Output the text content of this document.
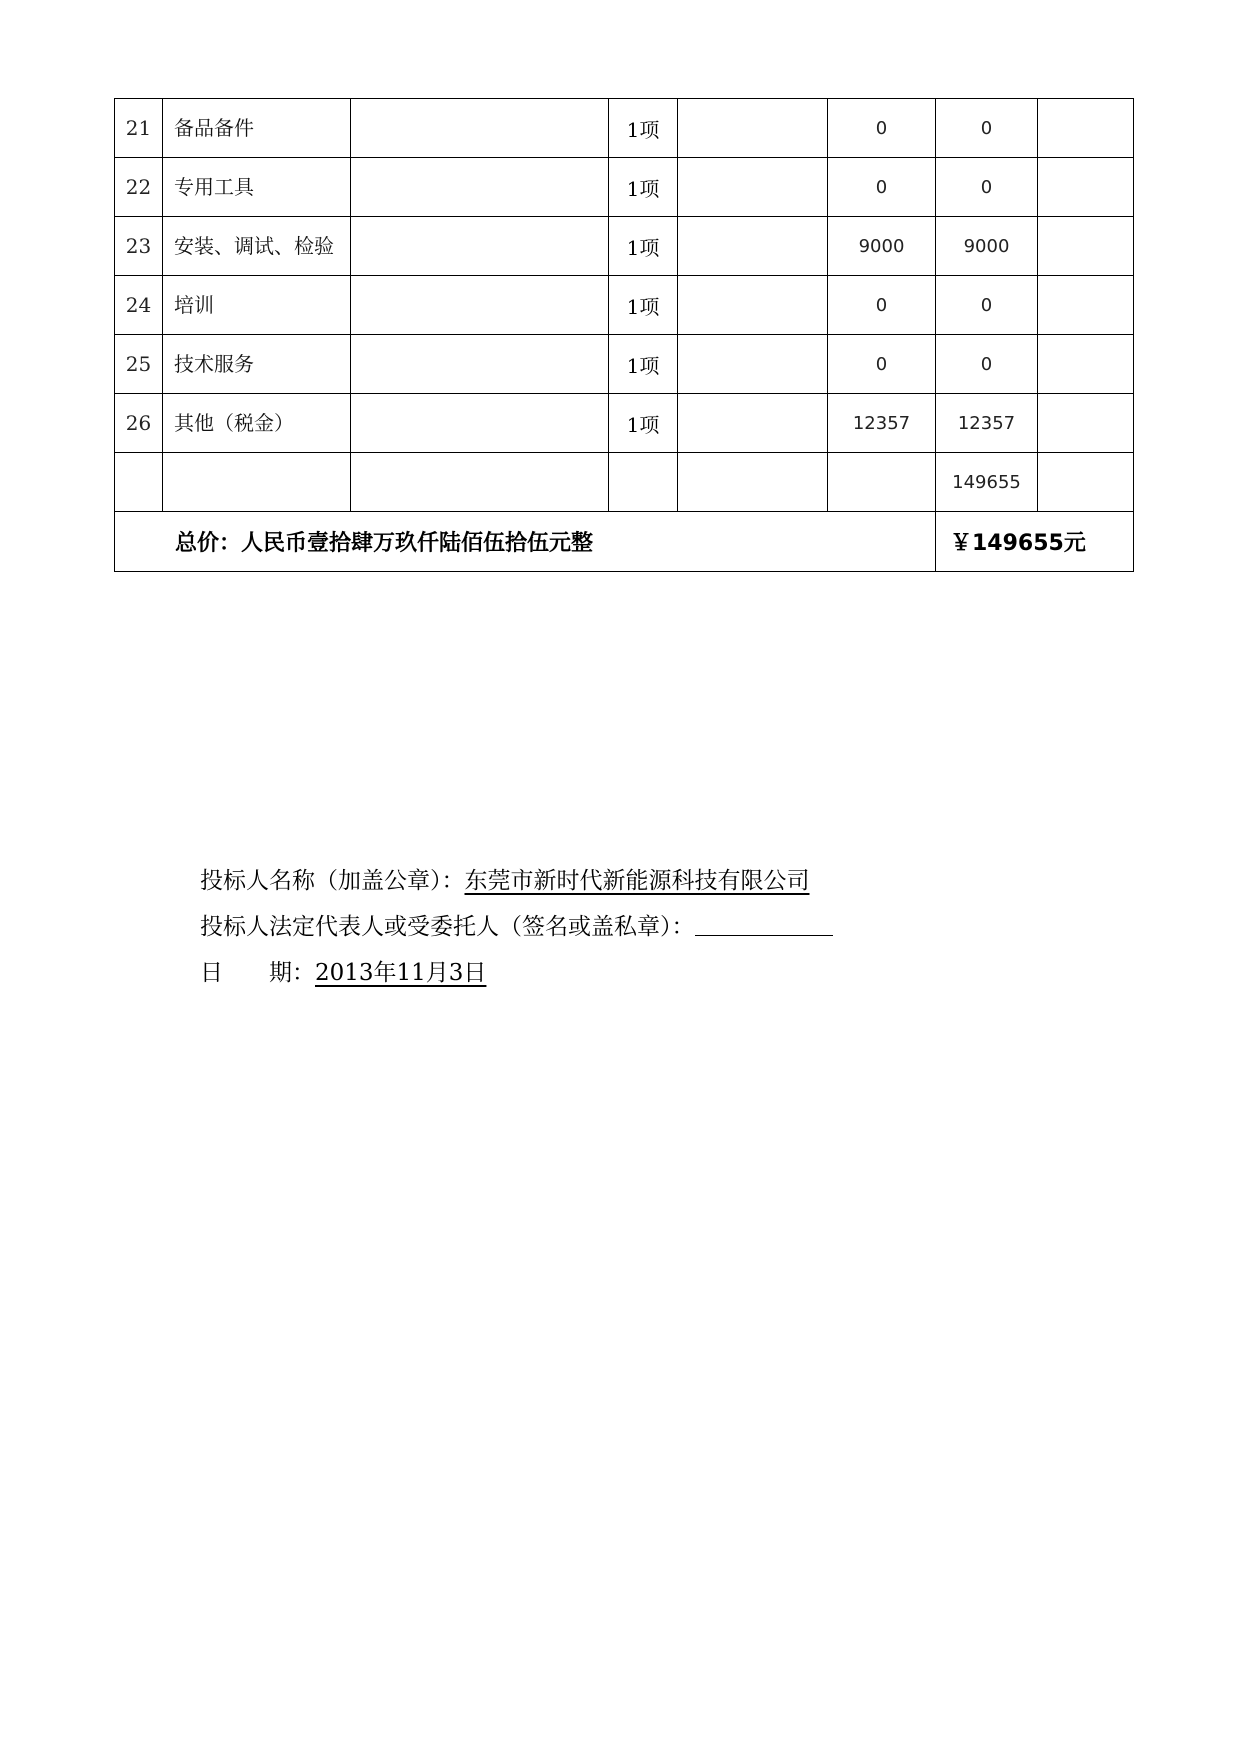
21	备品备件		1项		0	0	
22	专用工具		1项		0	0	
23	安装、调试、检验		1项		9000	9000	
24	培训		1项		0	0	
25	技术服务		1项		0	0	
26	其他（税金）		1项		12357	12357	
						149655	
总价：人民币壹拾肆万玖仟陆佰伍拾伍元整						￥149655元	
投标人名称（加盖公章）：东莞市新时代新能源科技有限公司
投标人法定代表人或受委托人（签名或盖私章）：
日　　期：2013年11月3日
